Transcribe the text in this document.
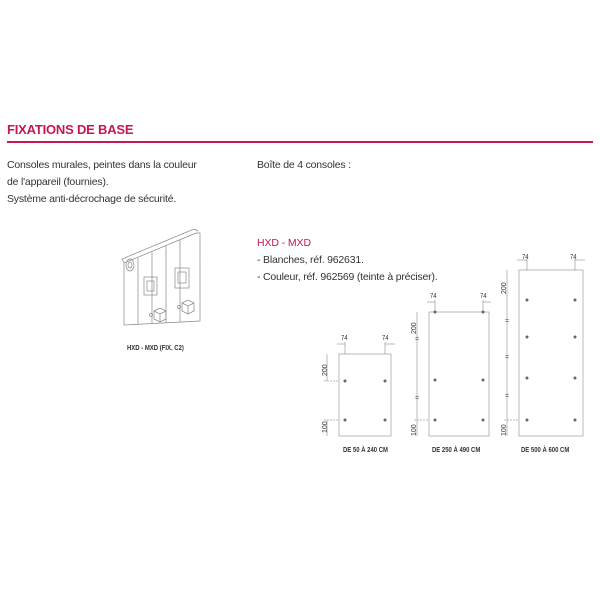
FIXATIONS DE BASE
Consoles murales, peintes dans la couleur
de l'appareil (fournies).
Système anti-décrochage de sécurité.
Boîte de 4 consoles :
HXD - MXD
- Blanches, réf. 962631.
- Couleur, réf. 962569 (teinte à préciser).
HXD - MXD (FIX. C2)
74	74
200
100
DE 50 À 240 CM
74	74
200
=
=
100
DE 250 À 490 CM
74	74
200
=
=
=
100
DE 500 À 600 CM
